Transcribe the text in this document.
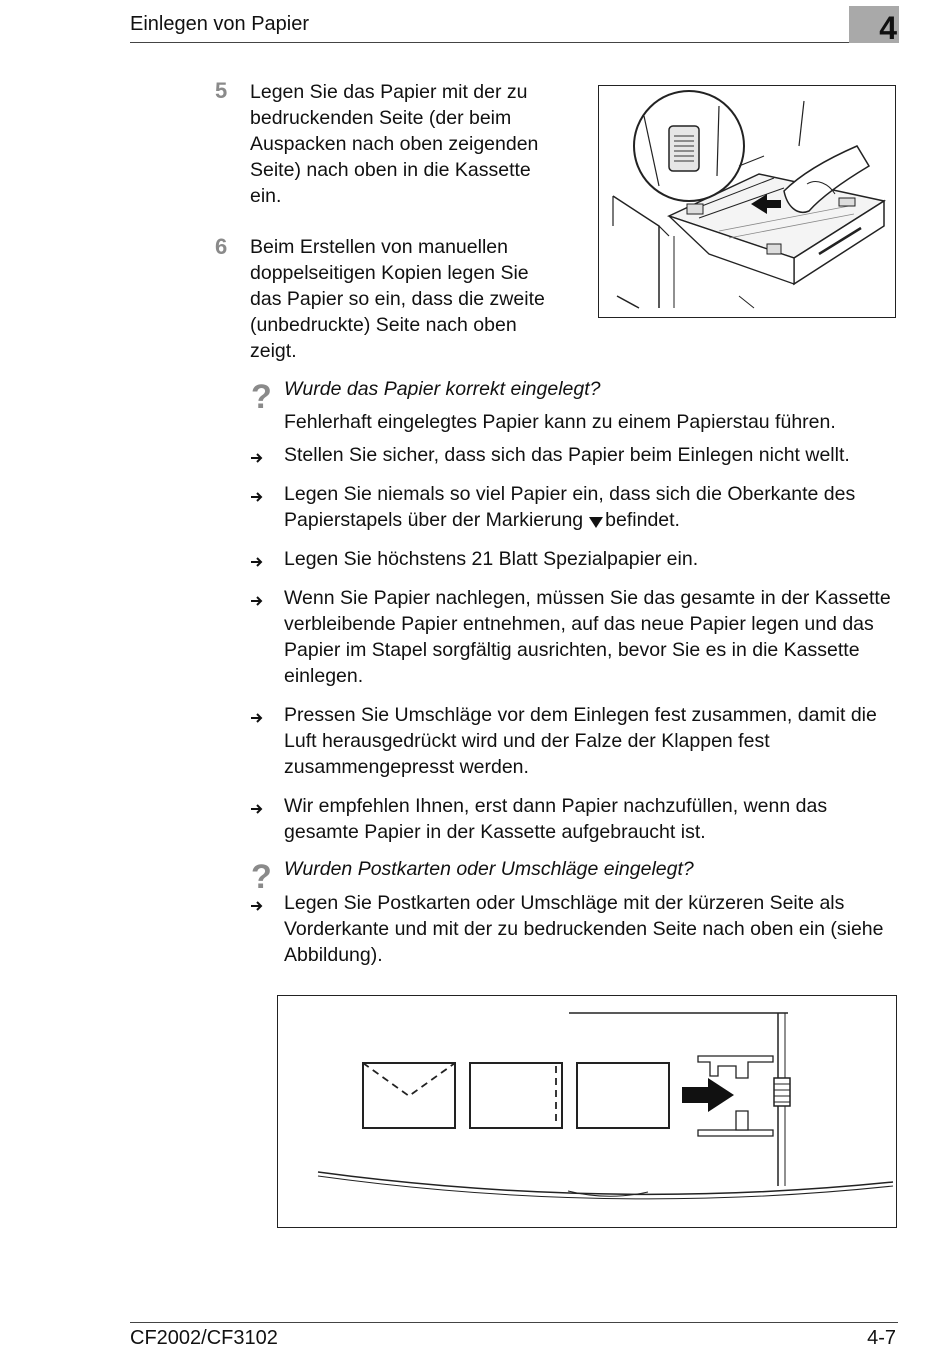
Einlegen von Papier	4
5 Legen Sie das Papier mit der zu
bedruckenden Seite (der beim
Auspacken nach oben zeigenden
Seite) nach oben in die Kassette
ein.
6 Beim Erstellen von manuellen
doppelseitigen Kopien legen Sie
das Papier so ein, dass die zweite
(unbedruckte) Seite nach oben
zeigt.
? Wurde das Papier korrekt eingelegt?
Fehlerhaft eingelegtes Papier kann zu einem Papierstau führen.
Stellen Sie sicher, dass sich das Papier beim Einlegen nicht wellt.
Legen Sie niemals so viel Papier ein, dass sich die Oberkante des Papierstapels über der Markierung befindet.
Legen Sie höchstens 21 Blatt Spezialpapier ein.
Wenn Sie Papier nachlegen, müssen Sie das gesamte in der Kassette verbleibende Papier entnehmen, auf das neue Papier legen und das Papier im Stapel sorgfältig ausrichten, bevor Sie es in die Kassette einlegen.
Pressen Sie Umschläge vor dem Einlegen fest zusammen, damit die Luft herausgedrückt wird und der Falze der Klappen fest zusammengepresst werden.
Wir empfehlen Ihnen, erst dann Papier nachzufüllen, wenn das gesamte Papier in der Kassette aufgebraucht ist.
? Wurden Postkarten oder Umschläge eingelegt?
Legen Sie Postkarten oder Umschläge mit der kürzeren Seite als Vorderkante und mit der zu bedruckenden Seite nach oben ein (siehe Abbildung).
CF2002/CF3102	4-7
